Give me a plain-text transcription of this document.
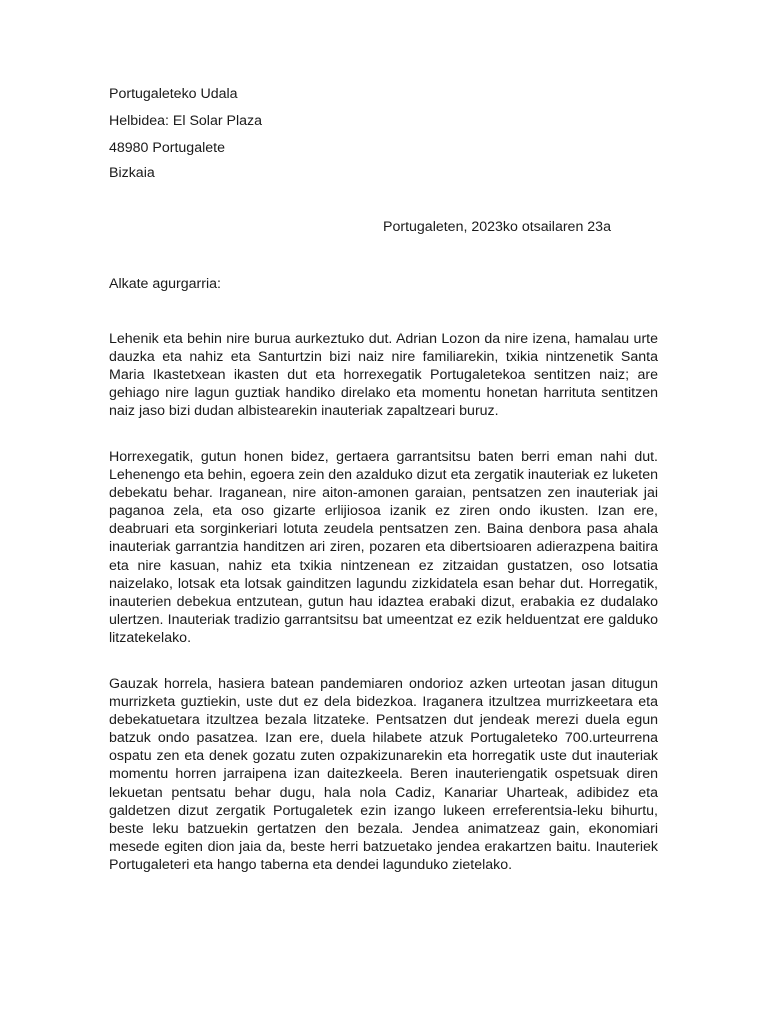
Portugaleteko Udala
Helbidea: El Solar Plaza
48980 Portugalete
Bizkaia
Portugaleten, 2023ko otsailaren 23a
Alkate agurgarria:

Lehenik eta behin nire burua aurkeztuko dut. Adrian Lozon da nire izena, hamalau urte dauzka eta nahiz eta Santurtzin bizi naiz nire familiarekin, txikia nintzenetik Santa Maria Ikastetxean ikasten dut eta horrexegatik Portugaletekoa sentitzen naiz; are gehiago nire lagun guztiak handiko direlako eta momentu honetan harrituta sentitzen naiz jaso bizi dudan albistearekin inauteriak zapaltzeari buruz.

Horrexegatik, gutun honen bidez, gertaera garrantsitsu baten berri eman nahi dut. Lehenengo eta behin, egoera zein den azalduko dizut eta zergatik inauteriak ez luketen debekatu behar. Iraganean, nire aiton-amonen garaian, pentsatzen zen inauteriak jai paganoa zela, eta oso gizarte erlijiosoa izanik ez ziren ondo ikusten. Izan ere, deabruari eta sorginkeriari lotuta zeudela pentsatzen zen. Baina denbora pasa ahala inauteriak garrantzia handitzen ari ziren, pozaren eta dibertsioaren adierazpena baitira eta nire kasuan, nahiz eta txikia nintzenean ez zitzaidan gustatzen, oso lotsatia naizelako, lotsak eta lotsak gainditzen lagundu zizkidatela esan behar dut. Horregatik, inauterien debekua entzutean, gutun hau idaztea erabaki dizut, erabakia ez dudalako ulertzen. Inauteriak tradizio garrantsitsu bat umeentzat ez ezik helduentzat ere galduko litzatekelako.

Gauzak horrela, hasiera batean pandemiaren ondorioz azken urteotan jasan ditugun murrizketa guztiekin, uste dut ez dela bidezkoa. Iraganera itzultzea murrizkeetara eta debekatuetara itzultzea bezala litzateke. Pentsatzen dut jendeak merezi duela egun batzuk ondo pasatzea. Izan ere, duela hilabete atzuk Portugaleteko 700.urteurrena ospatu zen eta denek gozatu zuten ozpakizunarekin eta horregatik uste dut inauteriak momentu horren jarraipena izan daitezkeela. Beren inauteriengatik ospetsuak diren lekuetan pentsatu behar dugu, hala nola Cadiz, Kanariar Uharteak, adibidez eta galdetzen dizut zergatik Portugaletek ezin izango lukeen erreferentsia-leku bihurtu, beste leku batzuekin gertatzen den bezala. Jendea animatzeaz gain, ekonomiari mesede egiten dion jaia da, beste herri batzuetako jendea erakartzen baitu. Inauteriek Portugaleteri eta hango taberna eta dendei lagunduko zietelako.
